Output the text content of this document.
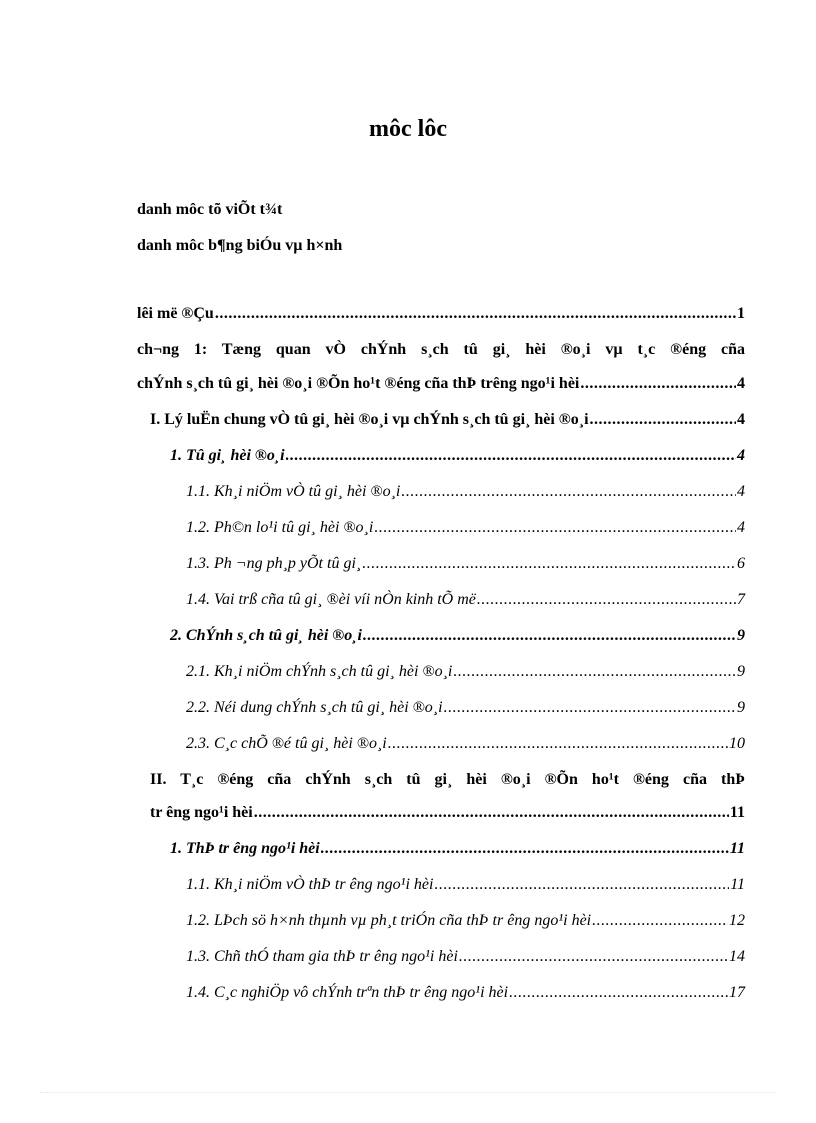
môc lôc
danh môc tõ viÕt t¾t
danh môc b¶ng biÓu vµ h×nh
lêi më ®Çu .....	1
ch¬ng 1: Tæng quan vÒ chÝnh s¸ch tû gi¸ hèi ®o¸i vµ t¸c ®éng cña
chÝnh s¸ch tû gi¸ hèi ®o¸i ®Õn ho¹t ®éng cña thÞ trêng ngo¹i hèi .....	4
I. Lý luËn chung vÒ tû gi¸ hèi ®o¸i vµ chÝnh s¸ch tû gi¸ hèi ®o¸i .....	4
1. Tû gi¸ hèi ®o¸i .....	4
1.1. Kh¸i niÖm vÒ tû gi¸ hèi ®o¸i .....	4
1.2. Ph©n lo¹i tû gi¸ hèi ®o¸i .....	4
1.3. Ph ¬ng ph¸p yÕt tû gi¸ .....	6
1.4. Vai trß cña tû gi¸ ®èi víi nÒn kinh tÕ më .....	7
2. ChÝnh s¸ch tû gi¸ hèi ®o¸i .....	9
2.1. Kh¸i niÖm chÝnh s¸ch tû gi¸ hèi ®o¸i .....	9
2.2. Néi dung chÝnh s¸ch tû gi¸ hèi ®o¸i .....	9
2.3. C¸c chÕ ®é tû gi¸ hèi ®o¸i .....	10
II. T¸c ®éng cña chÝnh s¸ch tû gi¸ hèi ®o¸i ®Õn ho¹t ®éng cña thÞ
tr êng ngo¹i hèi .....	11
1. ThÞ tr êng ngo¹i hèi .....	11
1.1. Kh¸i niÖm vÒ thÞ tr êng ngo¹i hèi .....	11
1.2. LÞch sö h×nh thµnh vµ ph¸t triÓn cña thÞ tr êng ngo¹i hèi .....	12
1.3. Chñ thÓ tham gia thÞ tr êng ngo¹i hèi .....	14
1.4. C¸c nghiÖp vô chÝnh trªn thÞ tr êng ngo¹i hèi .....	17
